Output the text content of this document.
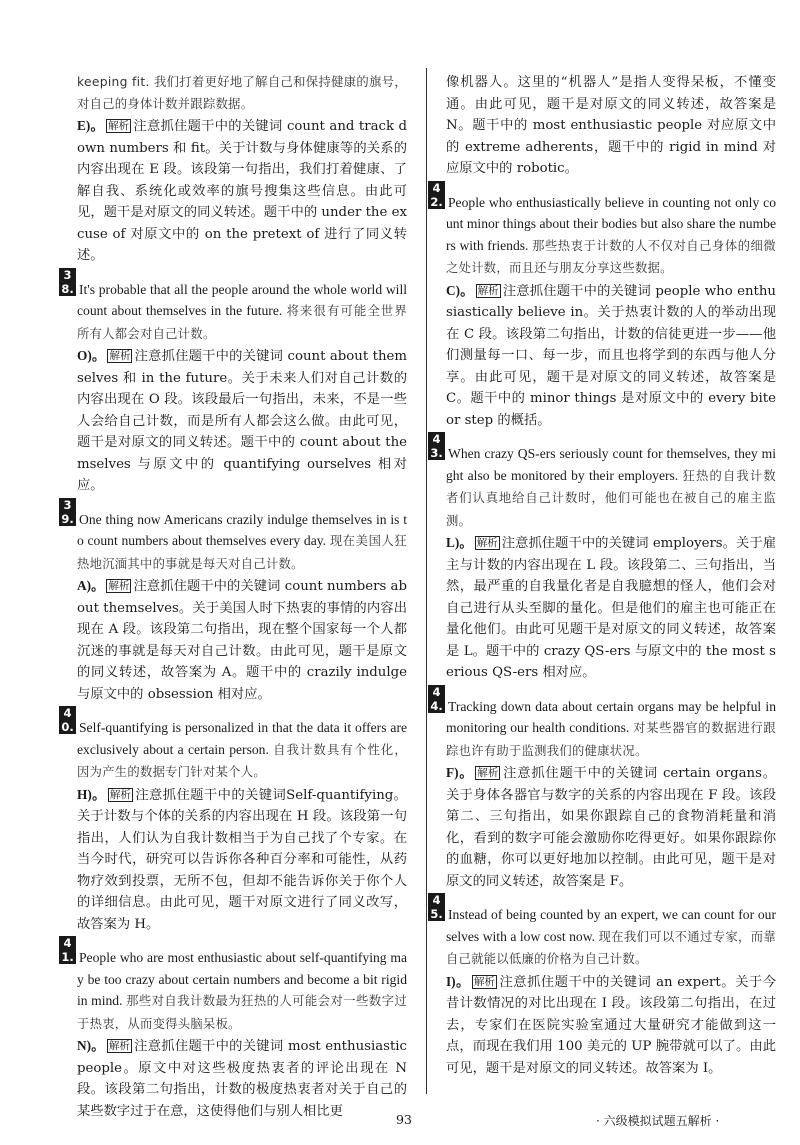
keeping fit. 我们打着更好地了解自己和保持健康的旗号，对自己的身体计数并跟踪数据。

E)。 解析 注意抓住题干中的关键词 count and track down numbers 和 fit。关于计数与身体健康等的关系的内容出现在 E 段。该段第一句指出，我们打着健康、了解自我、系统化或效率的旗号搜集这些信息。由此可见，题干是对原文的同义转述。题干中的 under the excuse of 对原文中的 on the pretext of 进行了同义转述。

38. It's probable that all the people around the whole world will count about themselves in the future. 将来很有可能全世界所有人都会对自己计数。

O)。 解析 注意抓住题干中的关键词 count about themselves 和 in the future。关于未来人们对自己计数的内容出现在 O 段。该段最后一句指出，未来，不是一些人会给自己计数，而是所有人都会这么做。由此可见，题干是对原文的同义转述。题干中的 count about themselves 与原文中的 quantifying ourselves 相对应。

39. One thing now Americans crazily indulge themselves in is to count numbers about themselves every day. 现在美国人狂热地沉湎其中的事就是每天对自己计数。

A)。 解析 注意抓住题干中的关键词 count numbers about themselves。关于美国人时下热衷的事情的内容出现在 A 段。该段第二句指出，现在整个国家每一个人都沉迷的事就是每天对自己计数。由此可见，题干是原文的同义转述，故答案为 A。题干中的 crazily indulge 与原文中的 obsession 相对应。

40. Self-quantifying is personalized in that the data it offers are exclusively about a certain person. 自我计数具有个性化，因为产生的数据专门针对某个人。

H)。 解析 注意抓住题干中的关键词Self-quantifying。关于计数与个体的关系的内容出现在 H 段。该段第一句指出，人们认为自我计数相当于为自己找了个专家。在当今时代，研究可以告诉你各种百分率和可能性，从药物疗效到投票，无所不包，但却不能告诉你关于你个人的详细信息。由此可见，题干对原文进行了同义改写，故答案为 H。

41. People who are most enthusiastic about self-quantifying may be too crazy about certain numbers and become a bit rigid in mind. 那些对自我计数最为狂热的人可能会对一些数字过于热衷，从而变得头脑呆板。

N)。 解析 注意抓住题干中的关键词 most enthusiastic people。原文中对这些极度热衷者的评论出现在 N 段。该段第二句指出，计数的极度热衷者对关于自己的某些数字过于在意，这使得他们与别人相比更

像机器人。这里的“机器人”是指人变得呆板，不懂变通。由此可见，题干是对原文的同义转述，故答案是 N。题干中的 most enthusiastic people 对应原文中的 extreme adherents，题干中的 rigid in mind 对应原文中的 robotic。

42. People who enthusiastically believe in counting not only count minor things about their bodies but also share the numbers with friends. 那些热衷于计数的人不仅对自己身体的细微之处计数，而且还与朋友分享这些数据。

C)。 解析 注意抓住题干中的关键词 people who enthusiastically believe in。关于热衷计数的人的举动出现在 C 段。该段第二句指出，计数的信徒更进一步——他们测量每一口、每一步，而且也将学到的东西与他人分享。由此可见，题干是对原文的同义转述，故答案是 C。题干中的 minor things 是对原文中的 every bite or step 的概括。

43. When crazy QS-ers seriously count for themselves, they might also be monitored by their employers. 狂热的自我计数者们认真地给自己计数时，他们可能也在被自己的雇主监测。

L)。 解析 注意抓住题干中的关键词 employers。关于雇主与计数的内容出现在 L 段。该段第二、三句指出，当然，最严重的自我量化者是自我臆想的怪人，他们会对自己进行从头至脚的量化。但是他们的雇主也可能正在量化他们。由此可见题干是对原文的同义转述，故答案是 L。题干中的 crazy QS-ers 与原文中的 the most serious QS-ers 相对应。

44. Tracking down data about certain organs may be helpful in monitoring our health conditions. 对某些器官的数据进行跟踪也许有助于监测我们的健康状况。

F)。 解析 注意抓住题干中的关键词 certain organs。关于身体各器官与数字的关系的内容出现在 F 段。该段第二、三句指出，如果你跟踪自己的食物消耗量和消化，看到的数字可能会激励你吃得更好。如果你跟踪你的血糖，你可以更好地加以控制。由此可见，题干是对原文的同义转述，故答案是 F。

45. Instead of being counted by an expert, we can count for ourselves with a low cost now. 现在我们可以不通过专家，而靠自己就能以低廉的价格为自己计数。

I)。 解析 注意抓住题干中的关键词 an expert。关于今昔计数情况的对比出现在 I 段。该段第二句指出，在过去，专家们在医院实验室通过大量研究才能做到这一点，而现在我们用 100 美元的 UP 腕带就可以了。由此可见，题干是对原文的同义转述。故答案为 I。

93	· 六级模拟试题五解析 ·
